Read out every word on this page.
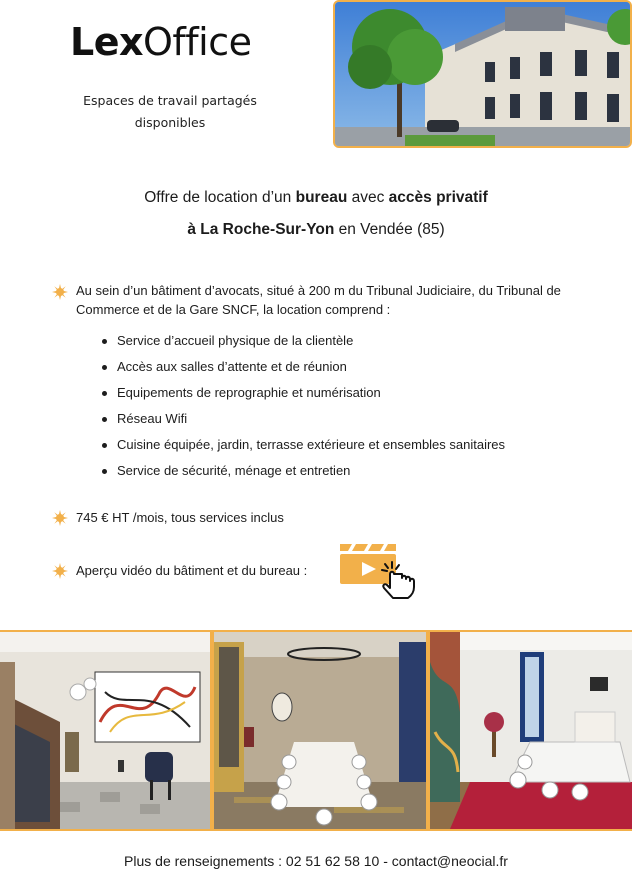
LexOffice
Espaces de travail partagés
disponibles
Offre de location d’un bureau avec accès privatif
à La Roche-Sur-Yon en Vendée (85)
Au sein d’un bâtiment d’avocats, situé à 200 m du Tribunal Judiciaire, du Tribunal de Commerce et de la Gare SNCF, la location comprend :
Service d’accueil physique de la clientèle
Accès aux salles d’attente et de réunion
Equipements de reprographie et numérisation
Réseau Wifi
Cuisine équipée, jardin, terrasse extérieure et ensembles sanitaires
Service de sécurité, ménage et entretien
745 € HT /mois, tous services inclus
Aperçu vidéo du bâtiment et du bureau :
Plus de renseignements : 02 51 62 58 10 - contact@neocial.fr
